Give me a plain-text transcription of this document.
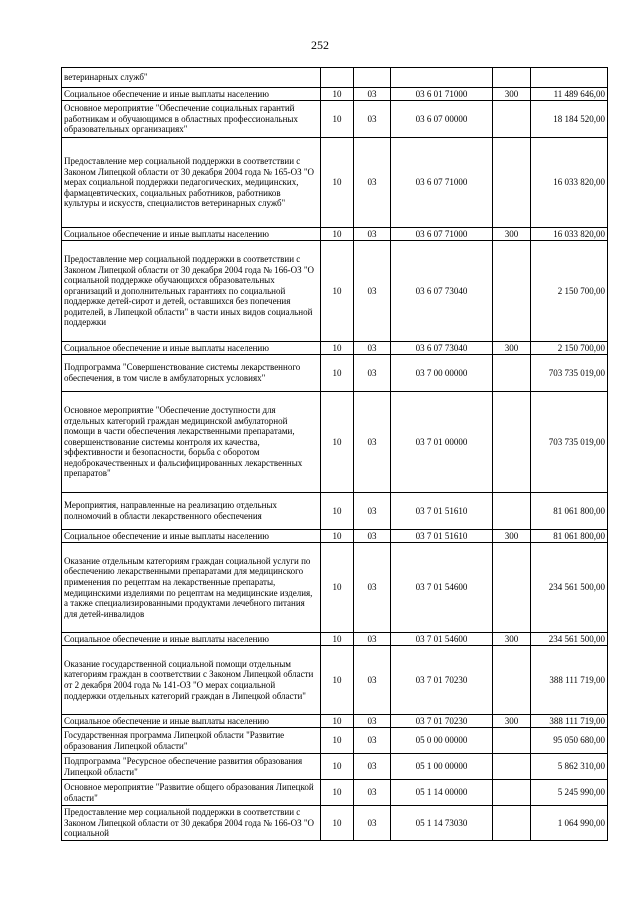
252
ветеринарных служб"					
Социальное обеспечение и иные выплаты населению	10	03	03 6 01 71000	300	11 489 646,00
Основное мероприятие "Обеспечение социальных гарантий работникам и обучающимся в областных профессиональных образовательных организациях"	10	03	03 6 07 00000		18 184 520,00
Предоставление мер социальной поддержки в соответствии с Законом Липецкой области от 30 декабря 2004 года № 165-ОЗ "О мерах социальной поддержки педагогических, медицинских, фармацевтических, социальных работников, работников культуры и искусств, специалистов ветеринарных служб"	10	03	03 6 07 71000		16 033 820,00
Социальное обеспечение и иные выплаты населению	10	03	03 6 07 71000	300	16 033 820,00
Предоставление мер социальной поддержки в соответствии с Законом Липецкой области от 30 декабря 2004 года № 166-ОЗ "О социальной поддержке обучающихся образовательных организаций и дополнительных гарантиях по социальной поддержке детей-сирот и детей, оставшихся без попечения родителей, в Липецкой области" в части иных видов социальной поддержки	10	03	03 6 07 73040		2 150 700,00
Социальное обеспечение и иные выплаты населению	10	03	03 6 07 73040	300	2 150 700,00
Подпрограмма "Совершенствование системы лекарственного обеспечения, в том числе в амбулаторных условиях"	10	03	03 7 00 00000		703 735 019,00
Основное мероприятие "Обеспечение доступности для отдельных категорий граждан медицинской амбулаторной помощи в части обеспечения лекарственными препаратами, совершенствование системы контроля их качества, эффективности и безопасности, борьба с оборотом недоброкачественных и фальсифицированных лекарственных препаратов"	10	03	03 7 01 00000		703 735 019,00
Мероприятия, направленные на реализацию отдельных полномочий в области лекарственного обеспечения	10	03	03 7 01 51610		81 061 800,00
Социальное обеспечение и иные выплаты населению	10	03	03 7 01 51610	300	81 061 800,00
Оказание отдельным категориям граждан социальной услуги по обеспечению лекарственными препаратами для медицинского применения по рецептам на лекарственные препараты, медицинскими изделиями по рецептам на медицинские изделия, а также специализированными продуктами лечебного питания для детей-инвалидов	10	03	03 7 01 54600		234 561 500,00
Социальное обеспечение и иные выплаты населению	10	03	03 7 01 54600	300	234 561 500,00
Оказание государственной социальной помощи отдельным категориям граждан в соответствии с Законом Липецкой области от 2 декабря 2004 года № 141-ОЗ "О мерах социальной поддержки отдельных категорий граждан в Липецкой области"	10	03	03 7 01 70230		388 111 719,00
Социальное обеспечение и иные выплаты населению	10	03	03 7 01 70230	300	388 111 719,00
Государственная программа Липецкой области "Развитие образования Липецкой области"	10	03	05 0 00 00000		95 050 680,00
Подпрограмма "Ресурсное обеспечение развития образования Липецкой области"	10	03	05 1 00 00000		5 862 310,00
Основное мероприятие "Развитие общего образования Липецкой области"	10	03	05 1 14 00000		5 245 990,00
Предоставление мер социальной поддержки в соответствии с Законом Липецкой области от 30 декабря 2004 года № 166-ОЗ "О социальной	10	03	05 1 14 73030		1 064 990,00
